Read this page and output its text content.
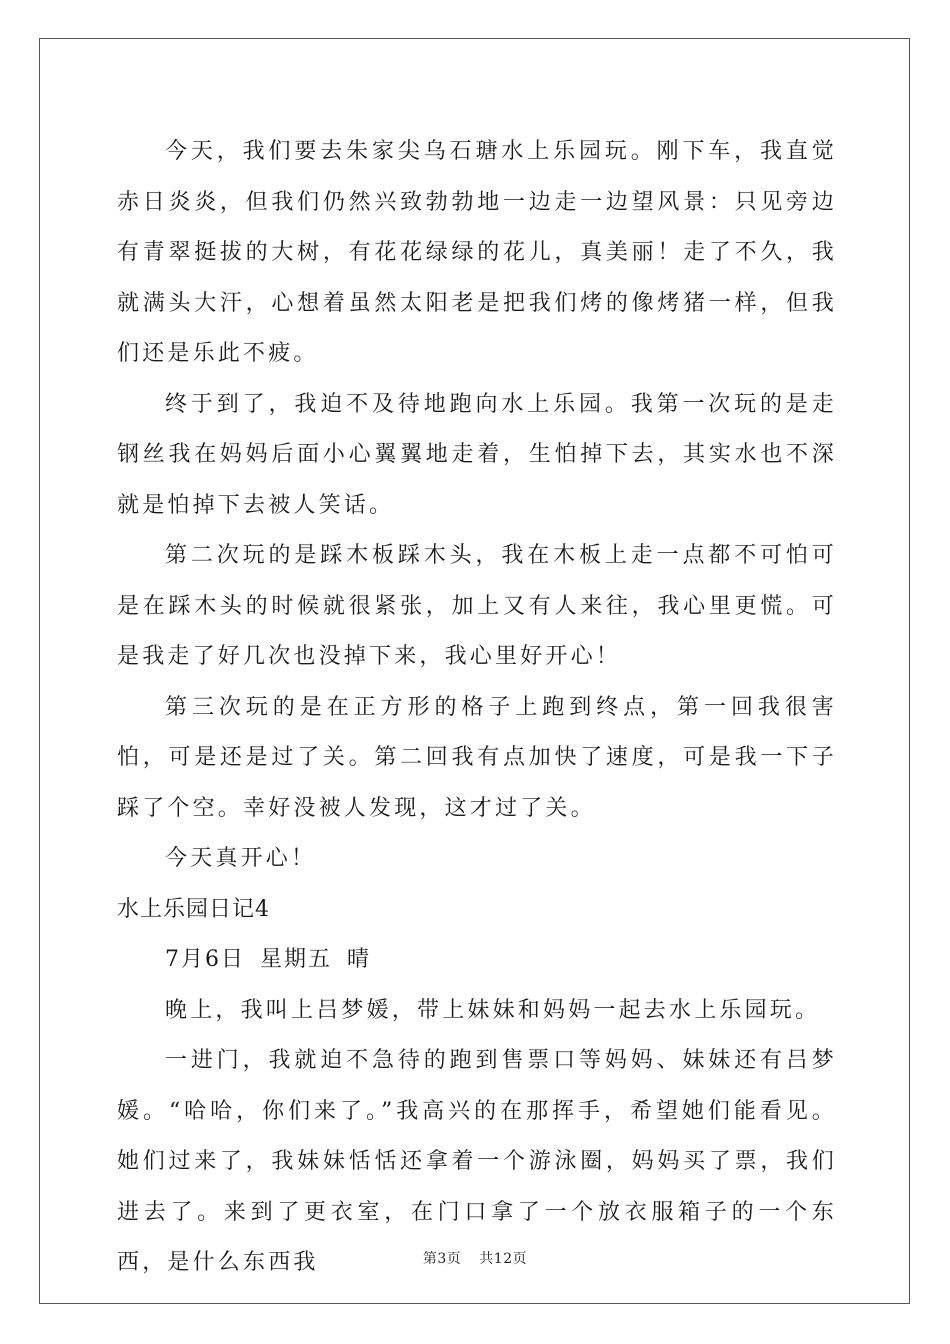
今天，我们要去朱家尖乌石瑭水上乐园玩。刚下车，我直觉赤日炎炎，但我们仍然兴致勃勃地一边走一边望风景：只见旁边有青翠挺拔的大树，有花花绿绿的花儿，真美丽！走了不久，我就满头大汗，心想着虽然太阳老是把我们烤的像烤猪一样，但我们还是乐此不疲。

终于到了，我迫不及待地跑向水上乐园。我第一次玩的是走钢丝我在妈妈后面小心翼翼地走着，生怕掉下去，其实水也不深就是怕掉下去被人笑话。

第二次玩的是踩木板踩木头，我在木板上走一点都不可怕可是在踩木头的时候就很紧张，加上又有人来往，我心里更慌。可是我走了好几次也没掉下来，我心里好开心！

第三次玩的是在正方形的格子上跑到终点，第一回我很害怕，可是还是过了关。第二回我有点加快了速度，可是我一下子踩了个空。幸好没被人发现，这才过了关。

今天真开心！

水上乐园日记4

7月6日 星期五 晴

晚上，我叫上吕梦媛，带上妹妹和妈妈一起去水上乐园玩。

一进门，我就迫不急待的跑到售票口等妈妈、妹妹还有吕梦媛。“哈哈，你们来了。”我高兴的在那挥手，希望她们能看见。她们过来了，我妹妹恬恬还拿着一个游泳圈，妈妈买了票，我们进去了。来到了更衣室，在门口拿了一个放衣服箱子的一个东西，是什么东西我	第3页 共12页
